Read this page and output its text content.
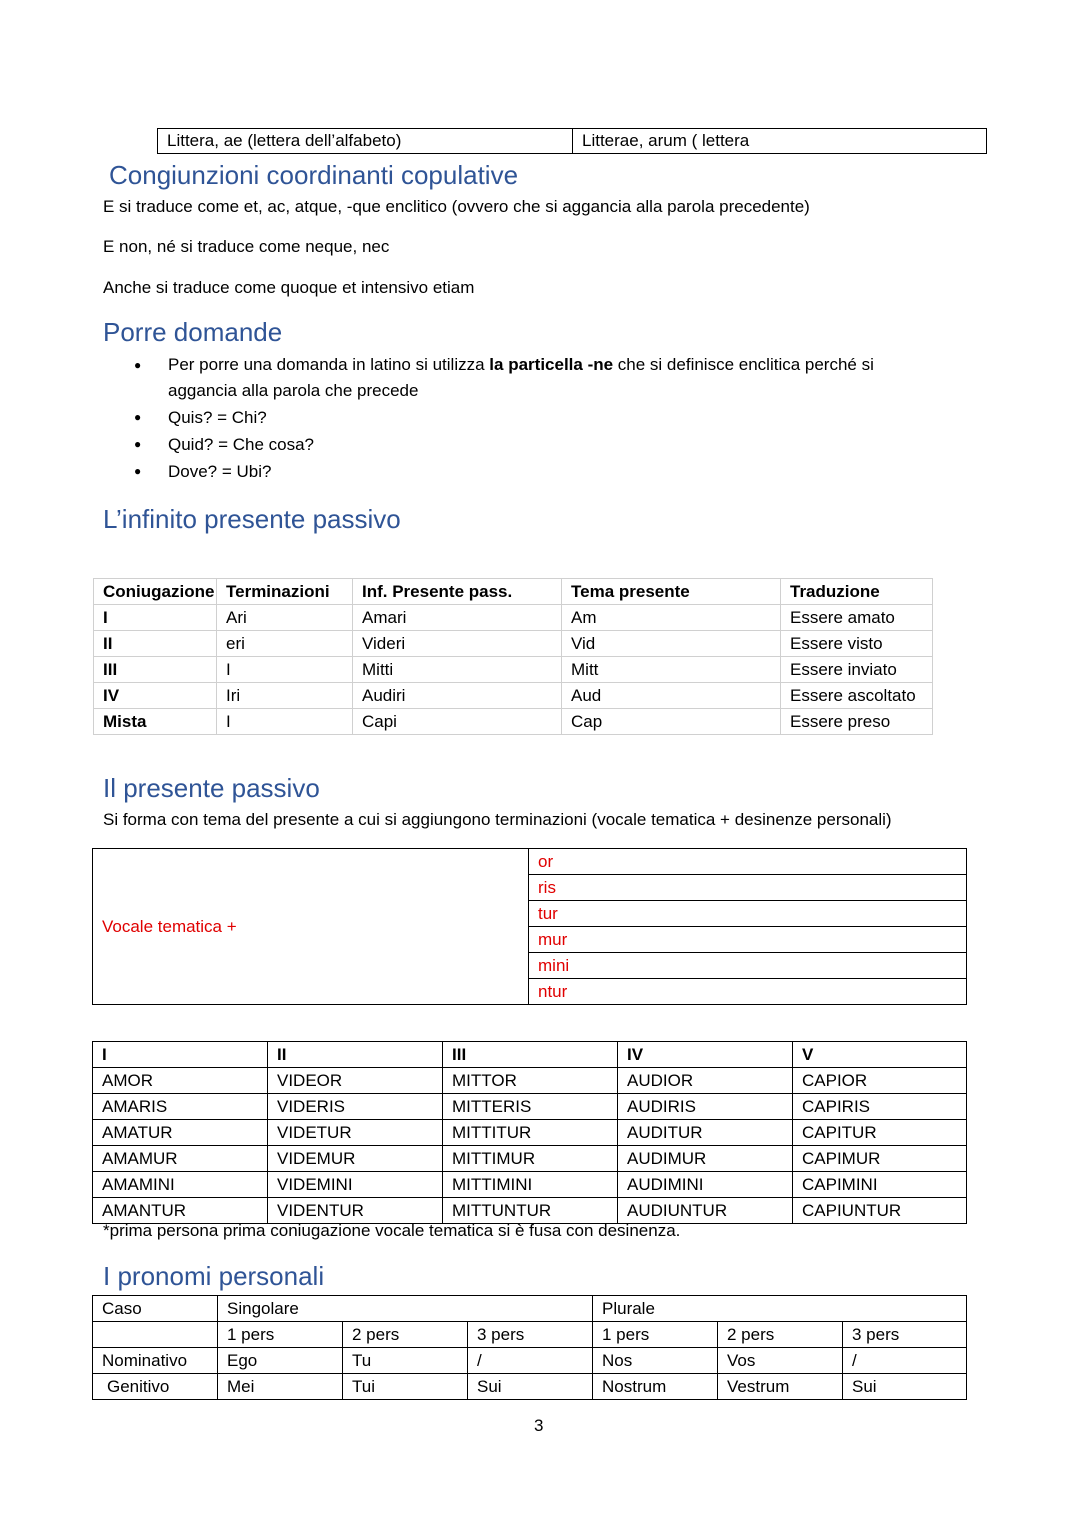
Littera, ae (lettera dell’alfabeto)	Litterae, arum ( lettera
Congiunzioni coordinanti copulative

E si traduce come et, ac, atque, -que enclitico (ovvero che si aggancia alla parola precedente)

E non, né si traduce come neque, nec

Anche si traduce come quoque et intensivo etiam

Porre domande
● Per porre una domanda in latino si utilizza la particella -ne che si definisce enclitica perché si
aggancia alla parola che precede
● Quis? = Chi?
● Quid? = Che cosa?
● Dove? = Ubi?
L’infinito presente passivo
Coniugazione	Terminazioni	Inf. Presente pass.	Tema presente	Traduzione
I	Ari	Amari	Am	Essere amato
II	eri	Videri	Vid	Essere visto
III	I	Mitti	Mitt	Essere inviato
IV	Iri	Audiri	Aud	Essere ascoltato
Mista	I	Capi	Cap	Essere preso
Il presente passivo

Si forma con tema del presente a cui si aggiungono terminazioni (vocale tematica + desinenze personali)

Vocale tematica +	or
ris
tur
mur
mini
ntur
I	II	III	IV	V
AMOR	VIDEOR	MITTOR	AUDIOR	CAPIOR
AMARIS	VIDERIS	MITTERIS	AUDIRIS	CAPIRIS
AMATUR	VIDETUR	MITTITUR	AUDITUR	CAPITUR
AMAMUR	VIDEMUR	MITTIMUR	AUDIMUR	CAPIMUR
AMAMINI	VIDEMINI	MITTIMINI	AUDIMINI	CAPIMINI
AMANTUR	VIDENTUR	MITTUNTUR	AUDIUNTUR	CAPIUNTUR

*prima persona prima coniugazione vocale tematica si è fusa con desinenza.

I pronomi personali
Caso	Singolare			Plurale		
	1 pers	2 pers	3 pers	1 pers	2 pers	3 pers
Nominativo	Ego	Tu	/	Nos	Vos	/
Genitivo	Mei	Tui	Sui	Nostrum	Vestrum	Sui
3
